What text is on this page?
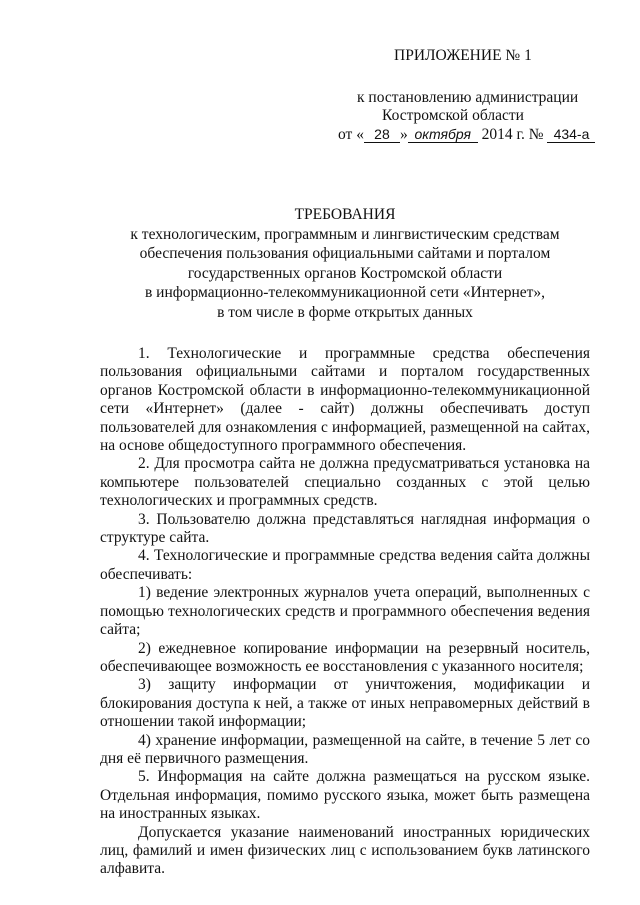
ПРИЛОЖЕНИЕ № 1
к постановлению администрации
Костромской области
от « 28 » октября 2014 г. № 434-а
ТРЕБОВАНИЯ
к технологическим, программным и лингвистическим средствам
обеспечения пользования официальными сайтами и порталом
государственных органов Костромской области
в информационно-телекоммуникационной сети «Интернет»,
в том числе в форме открытых данных

1. Технологические и программные средства обеспечения пользования официальными сайтами и порталом государственных органов Костромской области в информационно-телекоммуникационной сети «Интернет» (далее - сайт) должны обеспечивать доступ пользователей для ознакомления с информацией, размещенной на сайтах, на основе общедоступного программного обеспечения.

2. Для просмотра сайта не должна предусматриваться установка на компьютере пользователей специально созданных с этой целью технологических и программных средств.

3. Пользователю должна представляться наглядная информация о структуре сайта.

4. Технологические и программные средства ведения сайта должны обеспечивать:

1) ведение электронных журналов учета операций, выполненных с помощью технологических средств и программного обеспечения ведения сайта;

2) ежедневное копирование информации на резервный носитель, обеспечивающее возможность ее восстановления с указанного носителя;

3) защиту информации от уничтожения, модификации и блокирования доступа к ней, а также от иных неправомерных действий в отношении такой информации;

4) хранение информации, размещенной на сайте, в течение 5 лет со дня её первичного размещения.

5. Информация на сайте должна размещаться на русском языке. Отдельная информация, помимо русского языка, может быть размещена на иностранных языках.

Допускается указание наименований иностранных юридических лиц, фамилий и имен физических лиц с использованием букв латинского алфавита.
